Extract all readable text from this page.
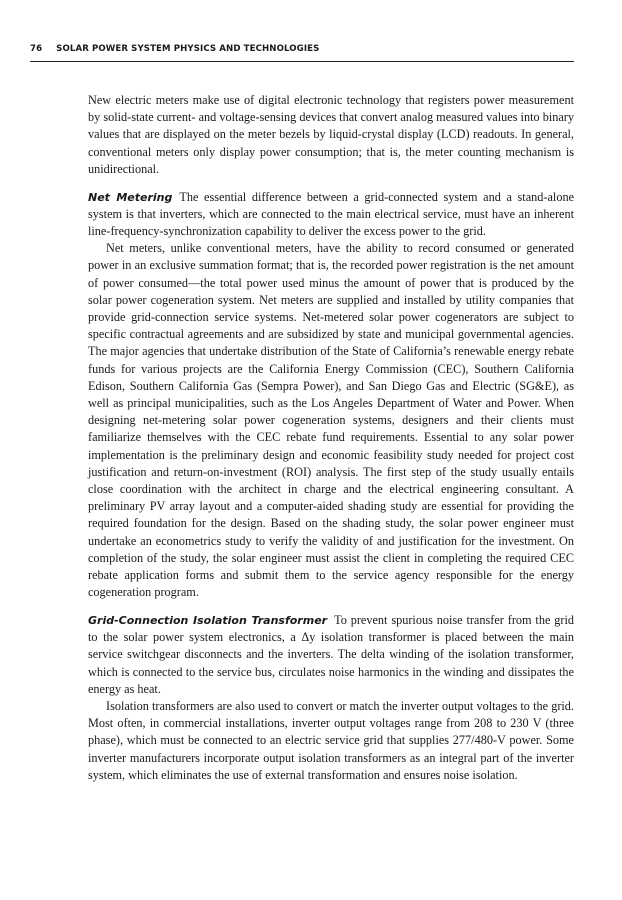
76 SOLAR POWER SYSTEM PHYSICS AND TECHNOLOGIES

New electric meters make use of digital electronic technology that registers power measurement by solid-state current- and voltage-sensing devices that convert analog measured values into binary values that are displayed on the meter bezels by liquid-crystal display (LCD) readouts. In general, conventional meters only display power consumption; that is, the meter counting mechanism is unidirectional.

Net Metering The essential difference between a grid-connected system and a stand-alone system is that inverters, which are connected to the main electrical service, must have an inherent line-frequency-synchronization capability to deliver the excess power to the grid.

Net meters, unlike conventional meters, have the ability to record consumed or generated power in an exclusive summation format; that is, the recorded power registration is the net amount of power consumed—the total power used minus the amount of power that is produced by the solar power cogeneration system. Net meters are supplied and installed by utility companies that provide grid-connection service systems. Net-metered solar power cogenerators are subject to specific contractual agreements and are subsidized by state and municipal governmental agencies. The major agencies that undertake distribution of the State of California’s renewable energy rebate funds for various projects are the California Energy Commission (CEC), Southern California Edison, Southern California Gas (Sempra Power), and San Diego Gas and Electric (SG&E), as well as principal municipalities, such as the Los Angeles Department of Water and Power. When designing net-metering solar power cogeneration systems, designers and their clients must familiarize themselves with the CEC rebate fund requirements. Essential to any solar power implementation is the preliminary design and economic feasibility study needed for project cost justification and return-on-investment (ROI) analysis. The first step of the study usually entails close coordination with the architect in charge and the electrical engineering consultant. A preliminary PV array layout and a computer-aided shading study are essential for providing the required foundation for the design. Based on the shading study, the solar power engineer must undertake an econometrics study to verify the validity of and justification for the investment. On completion of the study, the solar engineer must assist the client in completing the required CEC rebate application forms and submit them to the service agency responsible for the energy cogeneration program.

Grid-Connection Isolation Transformer To prevent spurious noise transfer from the grid to the solar power system electronics, a Δy isolation transformer is placed between the main service switchgear disconnects and the inverters. The delta winding of the isolation transformer, which is connected to the service bus, circulates noise harmonics in the winding and dissipates the energy as heat.

Isolation transformers are also used to convert or match the inverter output voltages to the grid. Most often, in commercial installations, inverter output voltages range from 208 to 230 V (three phase), which must be connected to an electric service grid that supplies 277/480-V power. Some inverter manufacturers incorporate output isolation transformers as an integral part of the inverter system, which eliminates the use of external transformation and ensures noise isolation.
